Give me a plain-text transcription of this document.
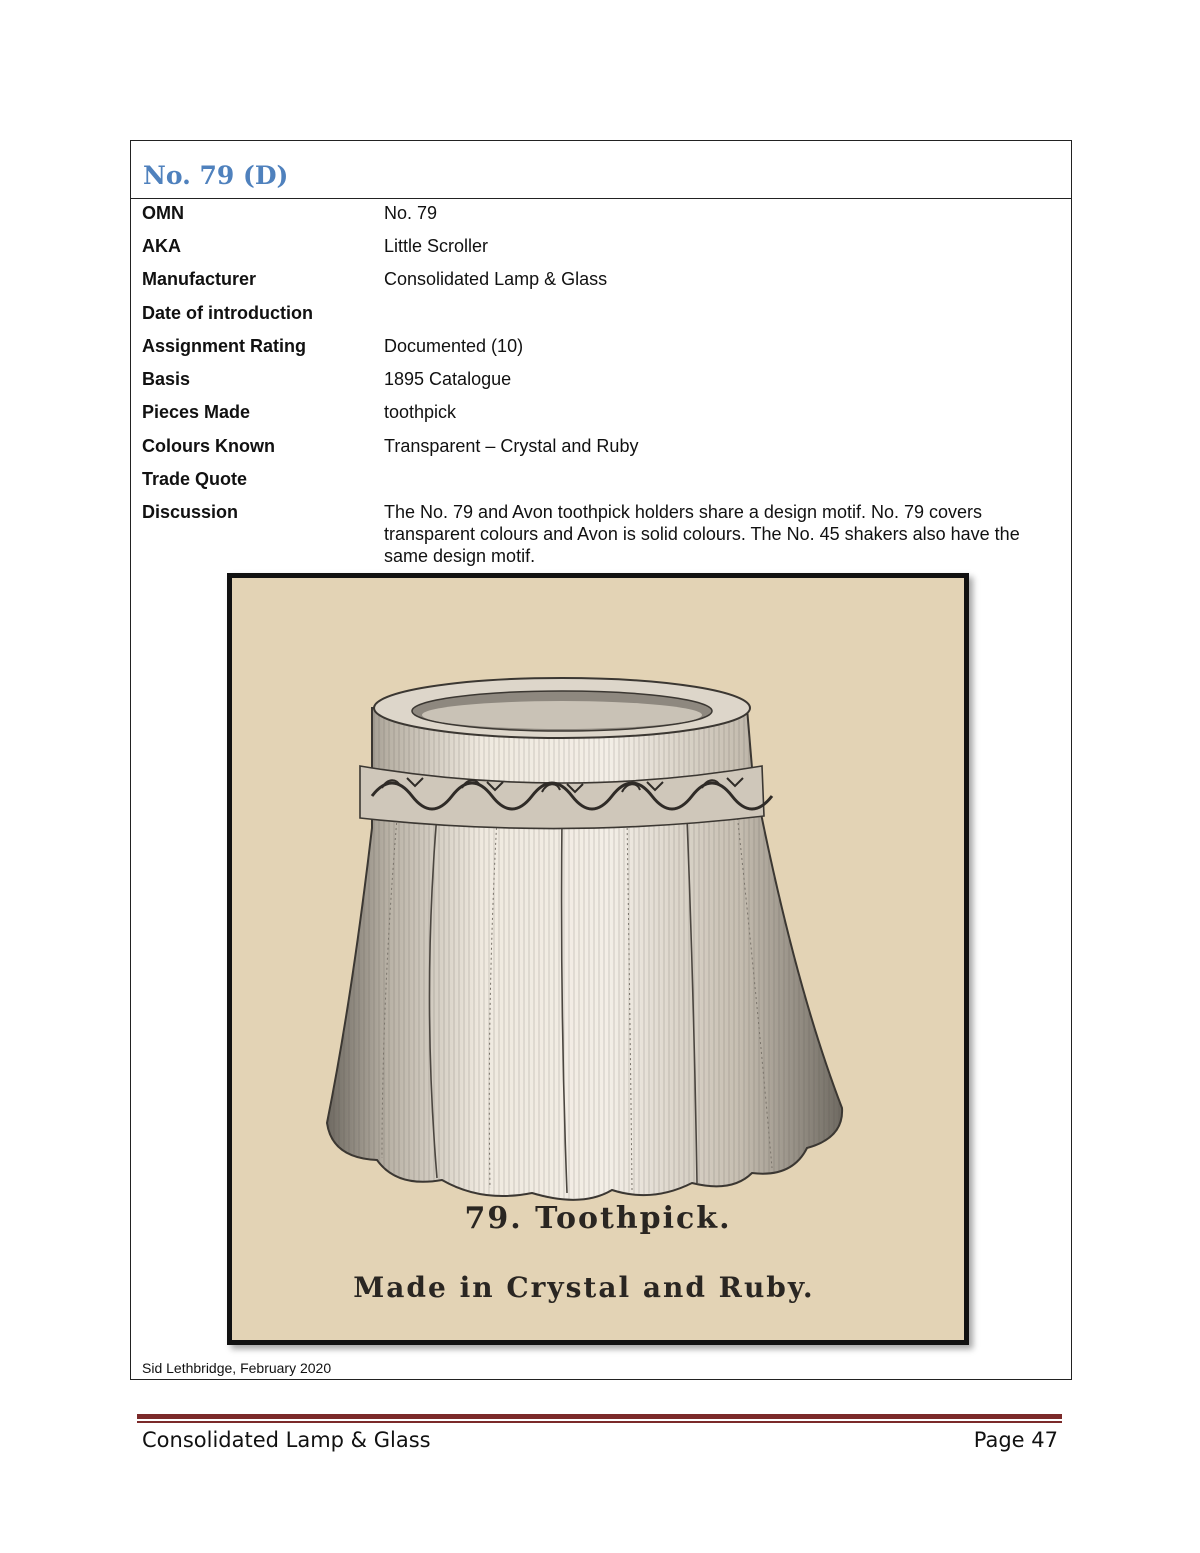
No. 79 (D)
OMN	No. 79
AKA	Little Scroller
Manufacturer	Consolidated Lamp & Glass
Date of introduction
Assignment Rating	Documented (10)
Basis	1895 Catalogue
Pieces Made	toothpick
Colours Known	Transparent – Crystal and Ruby
Trade Quote
Discussion	The No. 79 and Avon toothpick holders share a design motif. No. 79 covers transparent colours and Avon is solid colours. The No. 45 shakers also have the same design motif.
79. Toothpick.
Made in Crystal and Ruby.
Sid Lethbridge, February 2020
Consolidated Lamp & Glass	Page 47
